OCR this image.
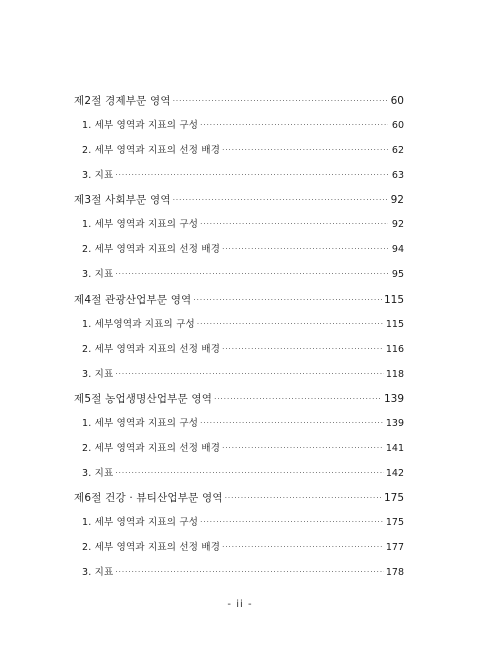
제2절 경제부문 영역 ·····	60
1. 세부 영역과 지표의 구성 ·····	60
2. 세부 영역과 지표의 선정 배경 ·····	62
3. 지표 ·····	63
제3절 사회부문 영역 ·····	92
1. 세부 영역과 지표의 구성 ·····	92
2. 세부 영역과 지표의 선정 배경 ·····	94
3. 지표 ·····	95
제4절 관광산업부문 영역 ·····	115
1. 세부영역과 지표의 구성 ·····	115
2. 세부 영역과 지표의 선정 배경 ·····	116
3. 지표 ·····	118
제5절 농업생명산업부문 영역 ·····	139
1. 세부 영역과 지표의 구성 ·····	139
2. 세부 영역과 지표의 선정 배경 ·····	141
3. 지표 ·····	142
제6절 건강 · 뷰티산업부문 영역 ·····	175
1. 세부 영역과 지표의 구성 ·····	175
2. 세부 영역과 지표의 선정 배경 ·····	177
3. 지표 ·····	178
- ii -
